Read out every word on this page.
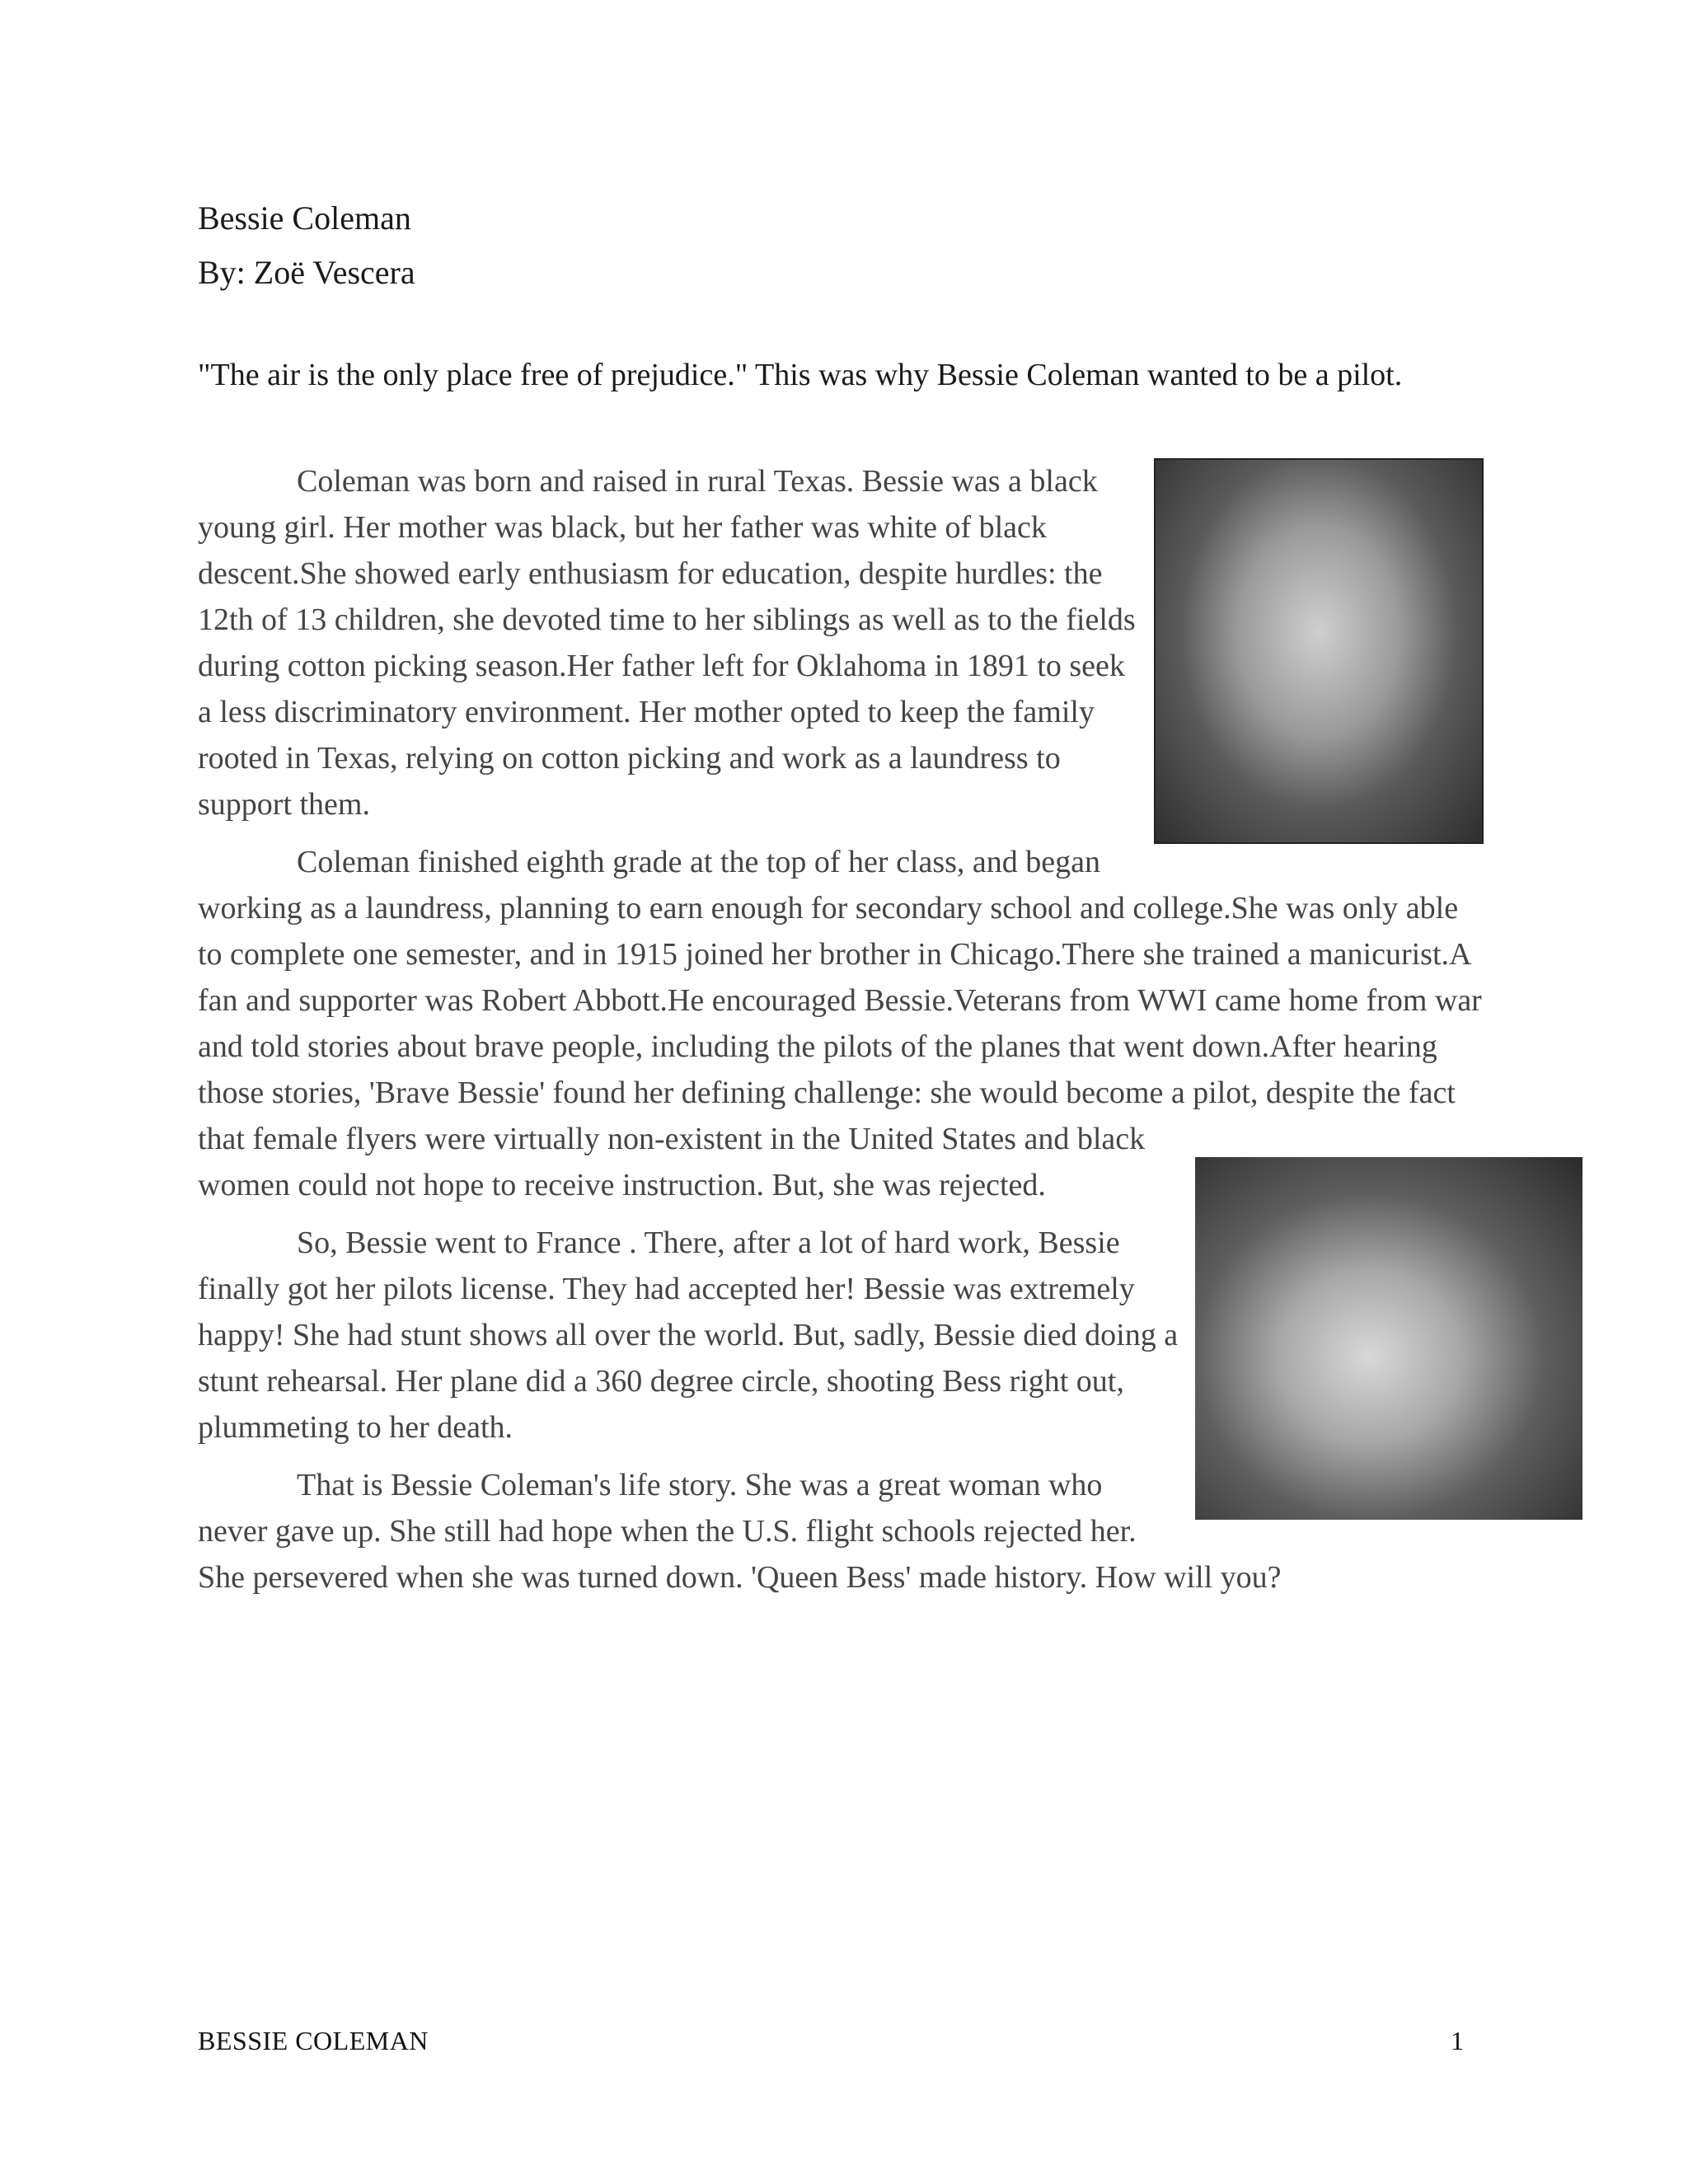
Bessie Coleman
By: Zoë Vescera
"The air is the only place free of prejudice." This was why Bessie Coleman wanted to be a pilot.

Coleman was born and raised in rural Texas. Bessie was a black young girl. Her mother was black, but her father was white of black descent.She showed early enthusiasm for education, despite hurdles: the 12th of 13 children, she devoted time to her siblings as well as to the fields during cotton picking season.Her father left for Oklahoma in 1891 to seek a less discriminatory environment. Her mother opted to keep the family rooted in Texas, relying on cotton picking and work as a laundress to support them.

Coleman finished eighth grade at the top of her class, and began working as a laundress, planning to earn enough for secondary school and college.She was only able to complete one semester, and in 1915 joined her brother in Chicago.There she trained a manicurist.A fan and supporter was Robert Abbott.He encouraged Bessie.Veterans from WWI came home from war and told stories about brave people, including the pilots of the planes that went down.After hearing those stories, 'Brave Bessie' found her defining challenge: she would become a pilot, despite the fact that female flyers were virtually non-existent in the United States and black women could not hope to receive instruction. But, she was rejected.

So, Bessie went to France . There, after a lot of hard work, Bessie finally got her pilots license. They had accepted her! Bessie was extremely happy! She had stunt shows all over the world. But, sadly, Bessie died doing a stunt rehearsal. Her plane did a 360 degree circle, shooting Bess right out, plummeting to her death.

That is Bessie Coleman's life story. She was a great woman who never gave up. She still had hope when the U.S. flight schools rejected her. She persevered when she was turned down. 'Queen Bess' made history. How will you?

BESSIE COLEMAN	1
